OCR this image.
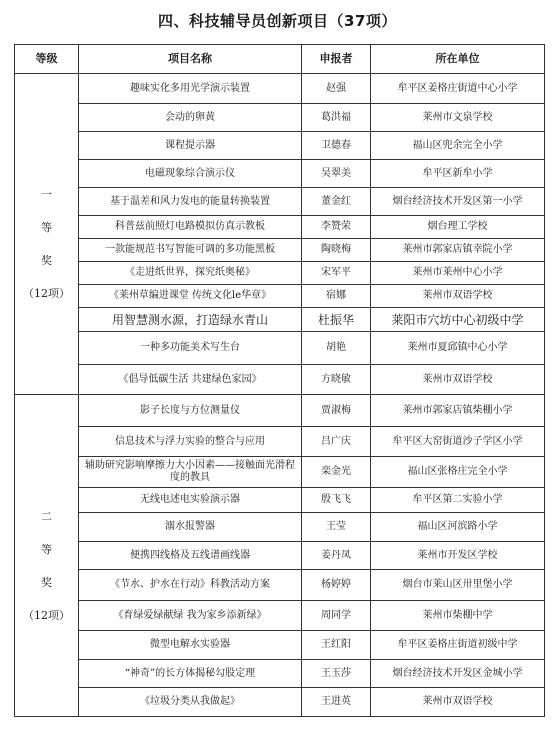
四、科技辅导员创新项目（37项）
等级	项目名称	申报者	所在单位

一
等
奖
（12项）	趣味实化多用光学演示装置	赵强	牟平区姜格庄街道中心小学
	会动的卵黄	葛洪福	莱州市文泉学校
	课程提示器	卫德春	福山区兜余完全小学
	电磁现象综合演示仪	吴翠美	牟平区新牟小学
	基于温差和风力发电的能量转换装置	董金红	烟台经济技术开发区第一小学
	科普兹前照灯电路模拟仿真示教板	李赞荣	烟台理工学校
	一款能规范书写智能可调的多功能黑板	陶晓梅	莱州市郭家店镇幸院小学
	《走进纸世界，探究纸奥秘》	宋军平	莱州市莱州中心小学
	《莱州草编进课堂 传统文化le华章》	宿娜	莱州市双语学校
	用智慧测水源，打造绿水青山	杜振华	莱阳市穴坊中心初级中学
	一种多功能美术写生台	胡艳	莱州市夏邱镇中心小学
	《倡导低碳生活 共建绿色家园》	方晓敏	莱州市双语学校

二
等
奖
（12项）	影子长度与方位测量仪	贾淑梅	莱州市郭家店镇柴棚小学
	信息技术与浮力实验的整合与应用	吕广庆	牟平区大窑街道沙子学区小学
	辅助研究影响摩擦力大小因素——接触面光滑程度的教具	栾金光	福山区张格庄完全小学
	无线电述电实验演示器	殷飞飞	牟平区第二实验小学
	溺水报警器	王莹	福山区河滨路小学
	便携四线格及五线谱画线器	姜丹凤	莱州市开发区学校
	《节水、护水在行动》科教活动方案	杨婷婷	烟台市莱山区卅里堡小学
	《育绿爱绿献绿 我为家乡添新绿》	周同学	莱州市柴棚中学
	微型电解水实验器	王红阳	牟平区姜格庄街道初级中学
	“神奇”的长方体揭秘勾股定理	王玉莎	烟台经济技术开发区金城小学
	《垃圾分类从我做起》	王进英	莱州市双语学校
